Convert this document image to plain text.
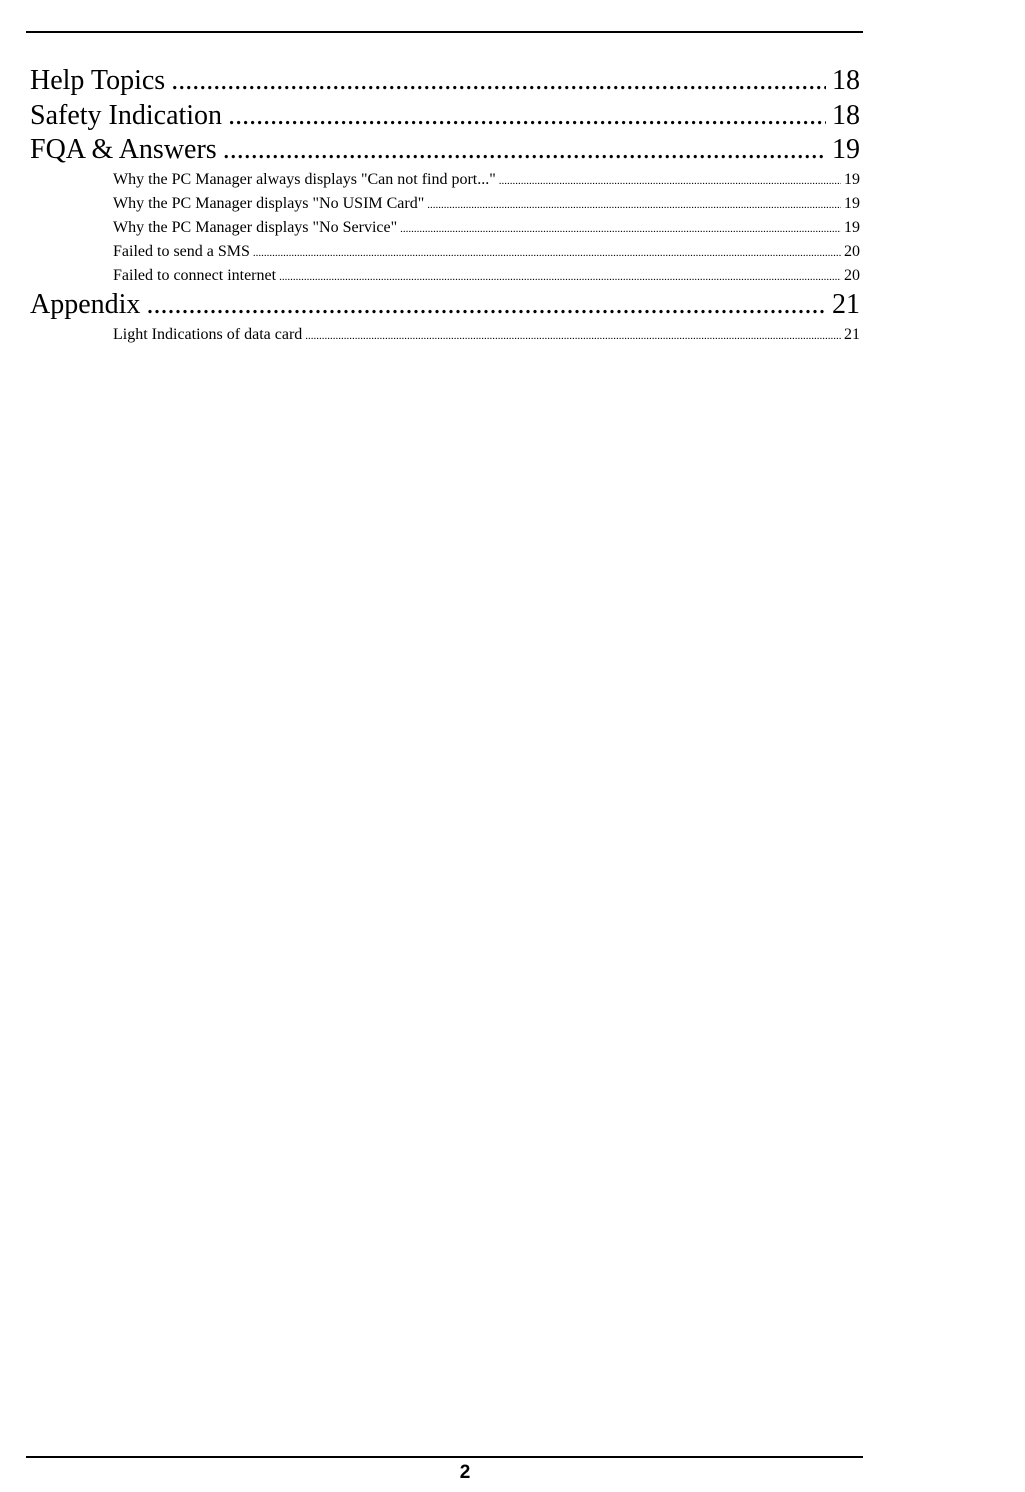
Help Topics .....	18
Safety Indication .....	18
FQA & Answers .....	19
Why the PC Manager always displays "Can not find port..." .....	19
Why the PC Manager displays "No USIM Card" .....	19
Why the PC Manager displays "No Service" .....	19
Failed to send a SMS .....	20
Failed to connect internet .....	20
Appendix .....	21
Light Indications of data card .....	21
2
